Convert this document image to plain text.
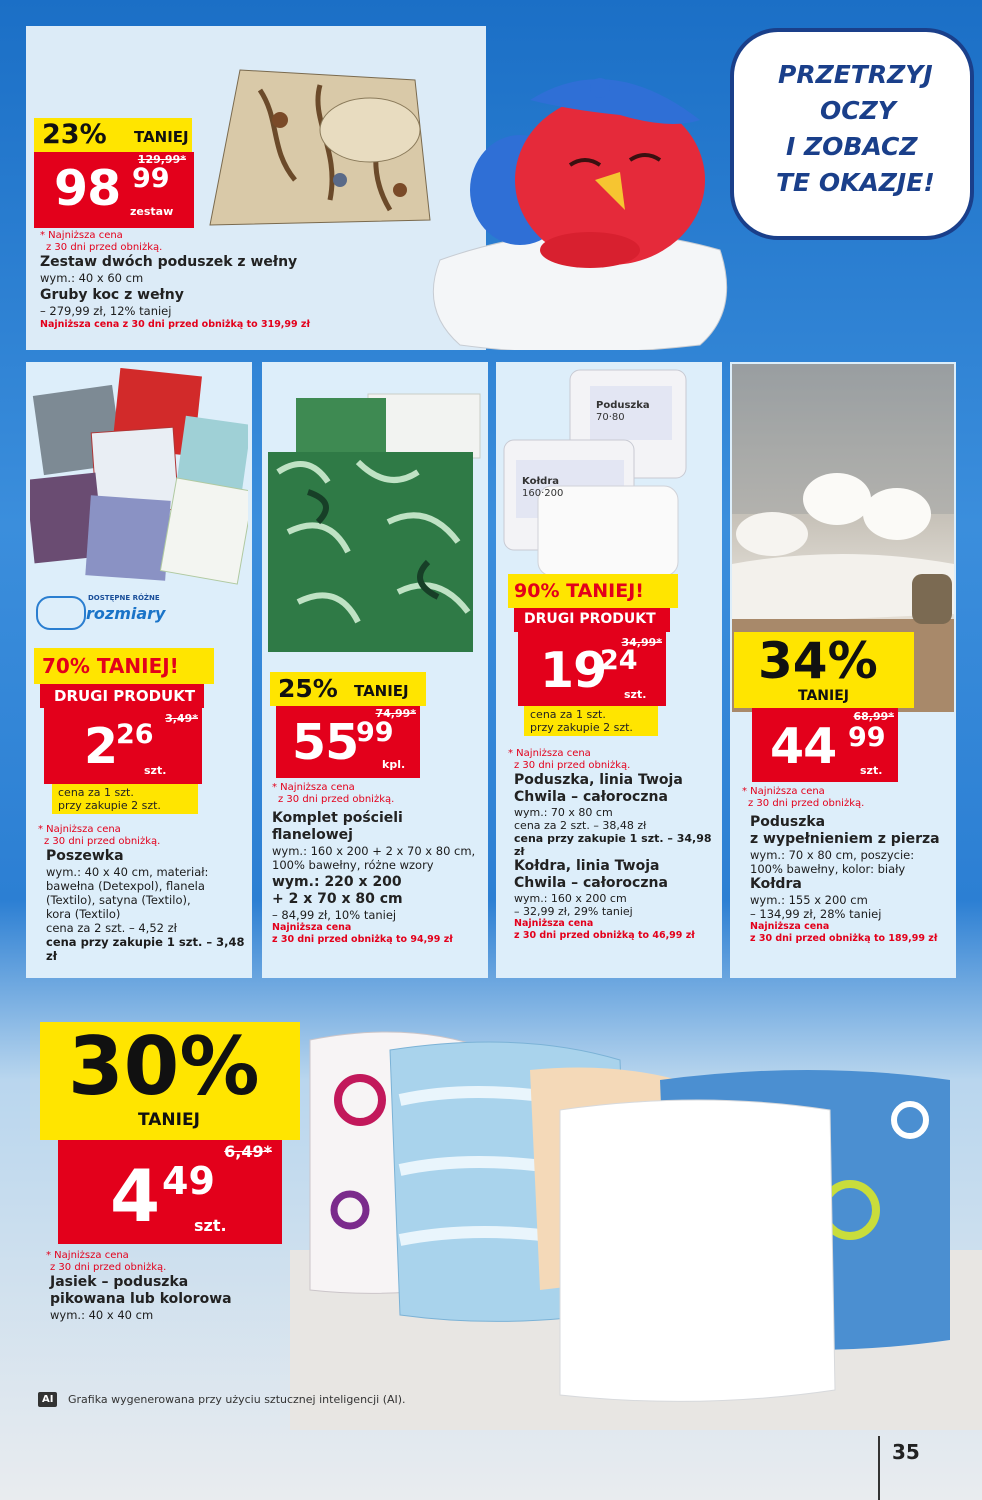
23% TANIEJ
129,99*
98 99
zestaw
* Najniższa cena
z 30 dni przed obniżką.
Zestaw dwóch poduszek z wełny
wym.: 40 x 60 cm
Gruby koc z wełny
– 279,99 zł, 12% taniej
Najniższa cena z 30 dni przed obniżką to 319,99 zł
PRZETRZYJ
OCZY
I ZOBACZ
TE OKAZJE!
DOSTĘPNE RÓŻNE
rozmiary
70% TANIEJ!
DRUGI PRODUKT
3,49*
2
26
szt.
cena za 1 szt.
przy zakupie 2 szt.
* Najniższa cena
z 30 dni przed obniżką.
Poszewka
wym.: 40 x 40 cm, materiał:
bawełna (Detexpol), flanela
(Textilo), satyna (Textilo),
kora (Textilo)
cena za 2 szt. – 4,52 zł
cena przy zakupie 1 szt. – 3,48 zł
25% TANIEJ
74,99*
55
99
kpl.
* Najniższa cena
z 30 dni przed obniżką.
Komplet pościeli
flanelowej
wym.: 160 x 200 + 2 x 70 x 80 cm,
100% bawełny, różne wzory
wym.: 220 x 200
+ 2 x 70 x 80 cm
– 84,99 zł, 10% taniej
Najniższa cena
z 30 dni przed obniżką to 94,99 zł
Poduszka
70·80
Kołdra
160·200
90% TANIEJ!
DRUGI PRODUKT
34,99*
19
24
szt.
cena za 1 szt.
przy zakupie 2 szt.
* Najniższa cena
z 30 dni przed obniżką.
Poduszka, linia Twoja
Chwila – całoroczna
wym.: 70 x 80 cm
cena za 2 szt. – 38,48 zł
cena przy zakupie 1 szt. – 34,98 zł
Kołdra, linia Twoja
Chwila – całoroczna
wym.: 160 x 200 cm
– 32,99 zł, 29% taniej
Najniższa cena
z 30 dni przed obniżką to 46,99 zł
34%
TANIEJ
68,99*
44 99
szt.
* Najniższa cena
z 30 dni przed obniżką.
Poduszka
z wypełnieniem z pierza
wym.: 70 x 80 cm, poszycie:
100% bawełny, kolor: biały
Kołdra
wym.: 155 x 200 cm
– 134,99 zł, 28% taniej
Najniższa cena
z 30 dni przed obniżką to 189,99 zł
30%
TANIEJ
6,49*
4 49
szt.
* Najniższa cena
z 30 dni przed obniżką.
Jasiek – poduszka
pikowana lub kolorowa
wym.: 40 x 40 cm
AI	Grafika wygenerowana przy użyciu sztucznej inteligencji (AI).
35
